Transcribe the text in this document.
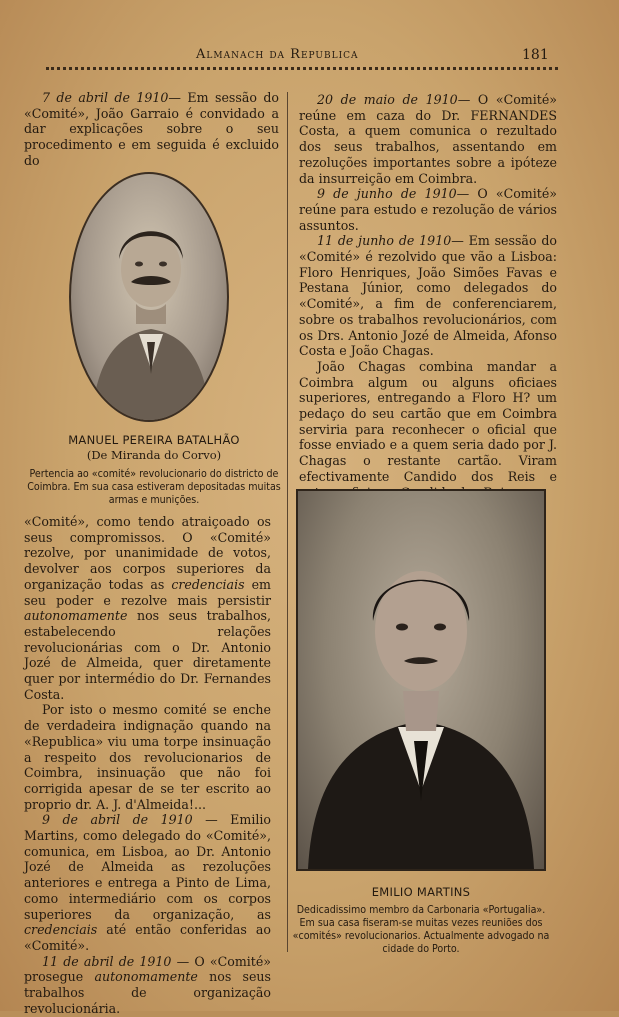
Almanach da Republica	181

7 de abril de 1910— Em sessão do «Comité», João Garraio é convidado a dar explicações sobre o seu procedimento e em seguida é excluido do

MANUEL PEREIRA BATALHÃO
(De Miranda do Corvo)
Pertencia ao «comité» revolucionario do districto de Coimbra. Em sua casa estiveram depositadas muitas armas e munições.

«Comité», como tendo atraiçoado os seus compromissos. O «Comité» rezolve, por unanimidade de votos, devolver aos corpos superiores da organização todas as credenciais em seu poder e rezolve mais persistir autonomamente nos seus trabalhos, estabelecendo relações revolucionárias com o Dr. Antonio Jozé de Almeida, quer diretamente quer por intermédio do Dr. Fernandes Costa.

Por isto o mesmo comité se enche de verdadeira indignação quando na «Republica» viu uma torpe insinuação a respeito dos revolucionarios de Coimbra, insinuação que não foi corrigida apesar de se ter escrito ao proprio dr. A. J. d'Almeida!...

9 de abril de 1910 — Emilio Martins, como delegado do «Comité», comunica, em Lisboa, ao Dr. Antonio Jozé de Almeida as rezoluções anteriores e entrega a Pinto de Lima, como intermediário com os corpos superiores da organização, as credenciais até então conferidas ao «Comité».

11 de abril de 1910 — O «Comité» prosegue autonomamente nos seus trabalhos de organização revolucionária.

20 de maio de 1910— O «Comité» reúne em caza do Dr. FERNANDES Costa, a quem comunica o rezultado dos seus trabalhos, assentando em rezoluções importantes sobre a ipóteze da insurreição em Coimbra.

9 de junho de 1910— O «Comité» reúne para estudo e rezolução de vários assuntos.

11 de junho de 1910— Em sessão do «Comité» é rezolvido que vão a Lisboa: Floro Henriques, João Simões Favas e Pestana Júnior, como delegados do «Comité», a fim de conferenciarem, sobre os trabalhos revolucionários, com os Drs. Antonio Jozé de Almeida, Afonso Costa e João Chagas.

João Chagas combina mandar a Coimbra algum ou alguns oficiaes superiores, entregando a Floro H? um pedaço do seu cartão que em Coimbra serviria para reconhecer o oficial que fosse enviado e a quem seria dado por J. Chagas o restante cartão. Viram efectivamente Candido dos Reis e

EMILIO MARTINS
Dedicadissimo membro da Carbonaria «Portugalia». Em sua casa fiseram-se muitas vezes reuniões dos «comités» revolucionarios. Actualmente advogado na cidade do Porto.
